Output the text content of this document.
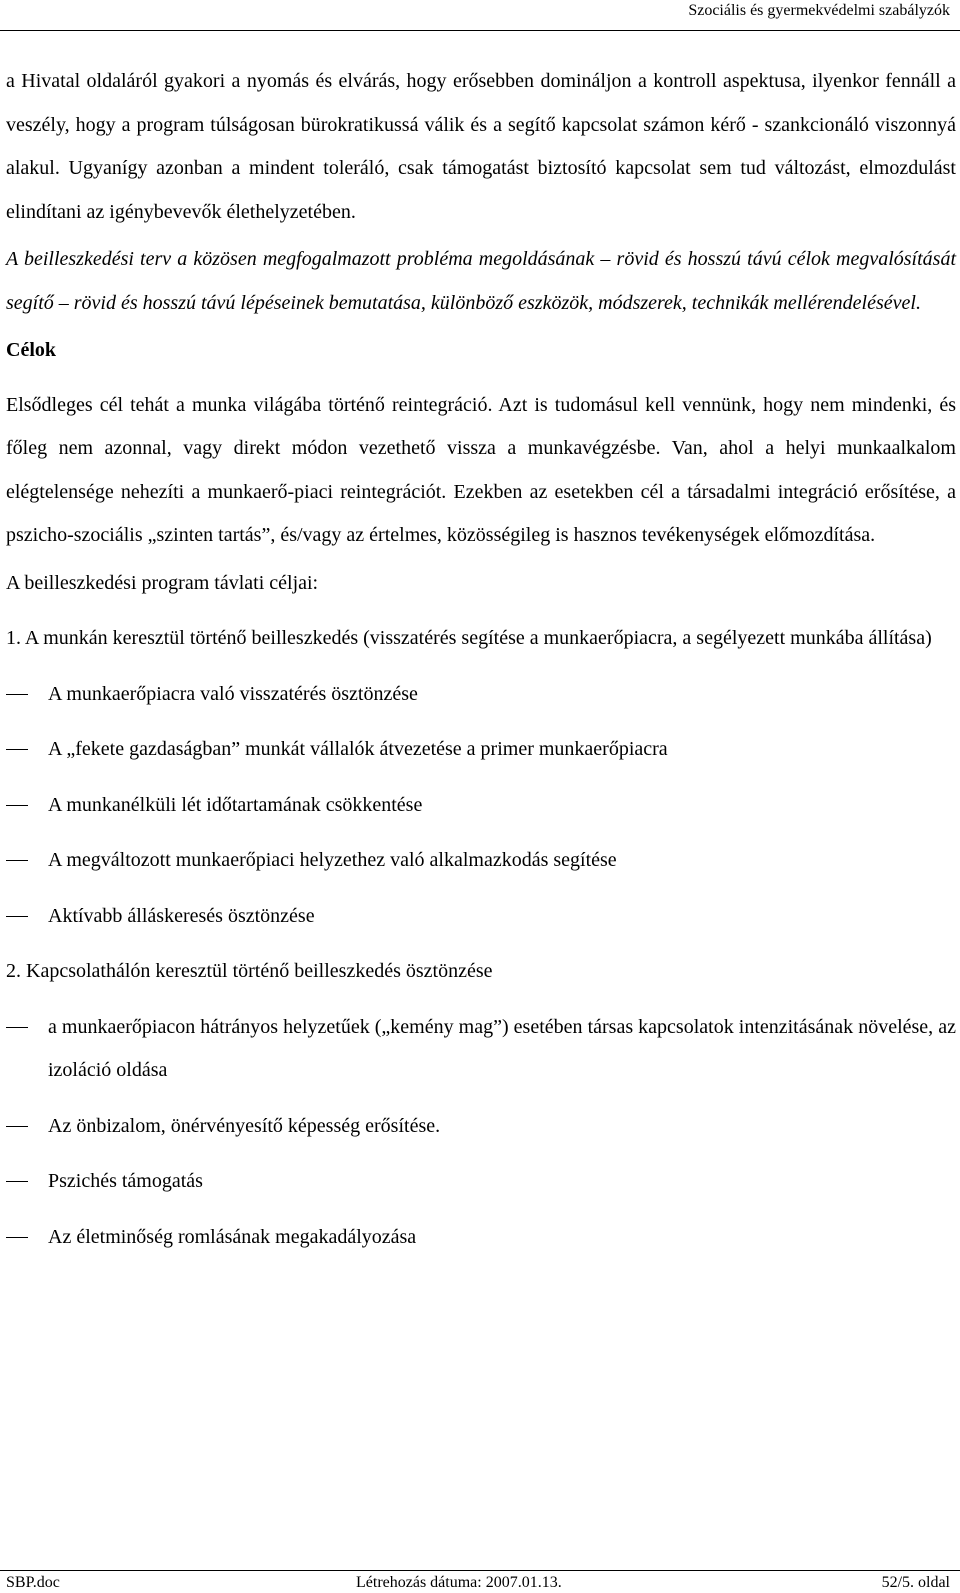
Szociális és gyermekvédelmi szabályzók

a Hivatal oldaláról gyakori a nyomás és elvárás, hogy erősebben domináljon a kontroll aspektusa, ilyenkor fennáll a veszély, hogy a program túlságosan bürokratikussá válik és a segítő kapcsolat számon kérő - szankcionáló viszonnyá alakul. Ugyanígy azonban a mindent toleráló, csak támogatást biztosító kapcsolat sem tud változást, elmozdulást elindítani az igénybevevők élethelyzetében.

A beilleszkedési terv a közösen megfogalmazott probléma megoldásának – rövid és hosszú távú célok megvalósítását segítő – rövid és hosszú távú lépéseinek bemutatása, különböző eszközök, módszerek, technikák mellérendelésével.

Célok

Elsődleges cél tehát a munka világába történő reintegráció. Azt is tudomásul kell vennünk, hogy nem mindenki, és főleg nem azonnal, vagy direkt módon vezethető vissza a munkavégzésbe. Van, ahol a helyi munkaalkalom elégtelensége nehezíti a munkaerő-piaci reintegrációt. Ezekben az esetekben cél a társadalmi integráció erősítése, a pszicho-szociális „szinten tartás”, és/vagy az értelmes, közösségileg is hasznos tevékenységek előmozdítása.

A beilleszkedési program távlati céljai:

1. A munkán keresztül történő beilleszkedés (visszatérés segítése a munkaerőpiacra, a segélyezett munkába állítása)

A munkaerőpiacra való visszatérés ösztönzése

A „fekete gazdaságban” munkát vállalók átvezetése a primer munkaerőpiacra

A munkanélküli lét időtartamának csökkentése

A megváltozott munkaerőpiaci helyzethez való alkalmazkodás segítése

Aktívabb álláskeresés ösztönzése

2. Kapcsolathálón keresztül történő beilleszkedés ösztönzése

a munkaerőpiacon hátrányos helyzetűek („kemény mag”) esetében társas kapcsolatok intenzitásának növelése, az izoláció oldása

Az önbizalom, önérvényesítő képesség erősítése.

Pszichés támogatás

Az életminőség romlásának megakadályozása

SBP.doc	Létrehozás dátuma: 2007.01.13.	52/5. oldal
